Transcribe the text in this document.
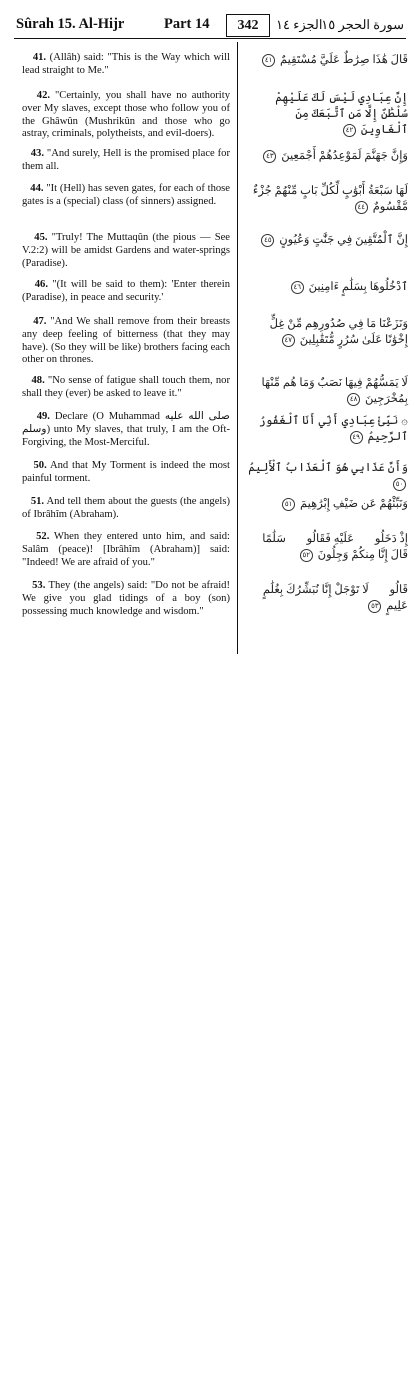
Sûrah 15. Al-Hijr	Part 14	342	الجزء ١٤
سورة الحجر ١٥
41. (Allâh) said: "This is the Way which will lead straight to Me."
42. "Certainly, you shall have no authority over My slaves, except those who follow you of the Ghâwûn (Mushrikûn and those who go astray, criminals, polytheists, and evil-doers).
43. "And surely, Hell is the promised place for them all.
44. "It (Hell) has seven gates, for each of those gates is a (special) class (of sinners) assigned.
45. "Truly! The Muttaqûn (the pious — See V.2:2) will be amidst Gardens and water-springs (Paradise).
46. "(It will be said to them): 'Enter therein (Paradise), in peace and security.'
47. "And We shall remove from their breasts any deep feeling of bitterness (that they may have). (So they will be like) brothers facing each other on thrones.
48. "No sense of fatigue shall touch them, nor shall they (ever) be asked to leave it."
49. Declare (O Muhammad صلى الله عليه وسلم) unto My slaves, that truly, I am the Oft-Forgiving, the Most-Merciful.
50. And that My Torment is indeed the most painful torment.
51. And tell them about the guests (the angels) of Ibrâhîm (Abraham).
52. When they entered unto him, and said: Salâm (peace)! [Ibrâhîm (Abraham)] said: "Indeed! We are afraid of you."
53. They (the angels) said: "Do not be afraid! We give you glad tidings of a boy (son) possessing much knowledge and wisdom."
قَالَ هَٰذَا صِرَٰطٌ عَلَيَّ مُسْتَقِيمٌ ٤١
إِنَّ عِبَادِي لَيْسَ لَكَ عَلَيْهِمْ سُلْطَٰنٌ إِلَّا مَنِ ٱتَّبَعَكَ مِنَ ٱلْغَاوِينَ ٤٢
وَإِنَّ جَهَنَّمَ لَمَوْعِدُهُمْ أَجْمَعِينَ ٤٣
لَهَا سَبْعَةُ أَبْوَٰبٍ لِّكُلِّ بَابٍ مِّنْهُمْ جُزْءٌ مَّقْسُومٌ ٤٤
إِنَّ ٱلْمُتَّقِينَ فِي جَنَّٰتٍ وَعُيُونٍ ٤٥
ٱدْخُلُوهَا بِسَلَٰمٍ ءَامِنِينَ ٤٦
وَنَزَعْنَا مَا فِي صُدُورِهِم مِّنْ غِلٍّ إِخْوَٰنًا عَلَىٰ سُرُرٍ مُّتَقَٰبِلِينَ ٤٧
لَا يَمَسُّهُمْ فِيهَا نَصَبٌ وَمَا هُم مِّنْهَا بِمُخْرَجِينَ ٤٨
۞ نَبِّئْ عِبَادِي أَنِّي أَنَا ٱلْغَفُورُ ٱلرَّحِيمُ ٤٩
وَأَنَّ عَذَابِي هُوَ ٱلْعَذَابُ ٱلْأَلِيمُ ٥٠
وَنَبِّئْهُمْ عَن ضَيْفِ إِبْرَٰهِيمَ ٥١
إِذْ دَخَلُوا۟ عَلَيْهِ فَقَالُوا۟ سَلَٰمًا قَالَ إِنَّا مِنكُمْ وَجِلُونَ ٥٢
قَالُوا۟ لَا تَوْجَلْ إِنَّا نُبَشِّرُكَ بِغُلَٰمٍ عَلِيمٍ ٥٣
